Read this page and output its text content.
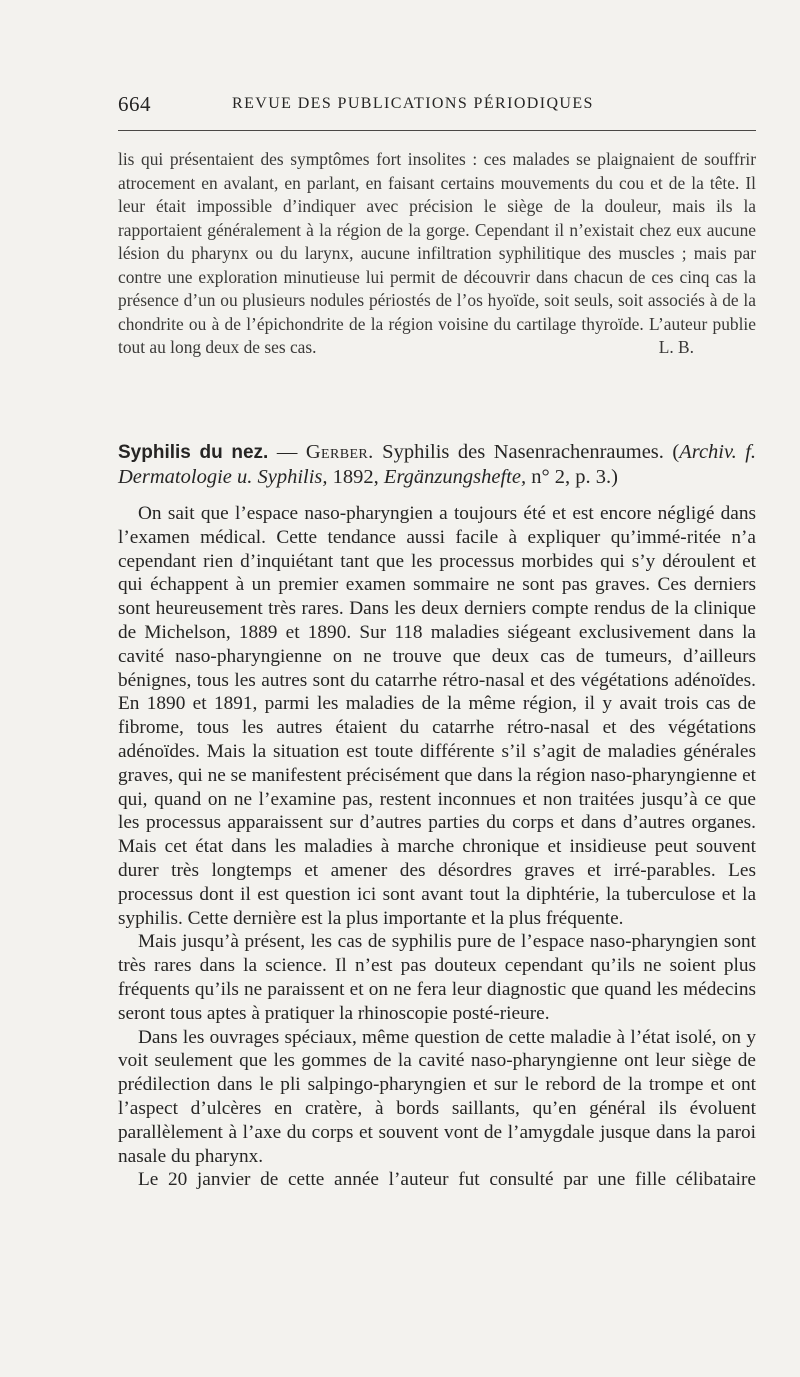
664	REVUE DES PUBLICATIONS PÉRIODIQUES

lis qui présentaient des symptômes fort insolites : ces malades se plaignaient de souffrir atrocement en avalant, en parlant, en faisant certains mouvements du cou et de la tête. Il leur était impossible d’indiquer avec précision le siège de la douleur, mais ils la rapportaient généralement à la région de la gorge. Cependant il n’existait chez eux aucune lésion du pharynx ou du larynx, aucune infiltration syphilitique des muscles ; mais par contre une exploration minutieuse lui permit de découvrir dans chacun de ces cinq cas la présence d’un ou plusieurs nodules périostés de l’os hyoïde, soit seuls, soit associés à de la chondrite ou à de l’épichondrite de la région voisine du cartilage thyroïde. L’auteur publie tout au long deux de ses cas.	L. B.

Syphilis du nez. — Gerber. Syphilis des Nasenrachenraumes. (Archiv. f. Dermatologie u. Syphilis, 1892, Ergänzungshefte, n° 2, p. 3.)

On sait que l’espace naso-pharyngien a toujours été et est encore négligé dans l’examen médical. Cette tendance aussi facile à expliquer qu’immé-ritée n’a cependant rien d’inquiétant tant que les processus morbides qui s’y déroulent et qui échappent à un premier examen sommaire ne sont pas graves. Ces derniers sont heureusement très rares. Dans les deux derniers compte rendus de la clinique de Michelson, 1889 et 1890. Sur 118 maladies siégeant exclusivement dans la cavité naso-pharyngienne on ne trouve que deux cas de tumeurs, d’ailleurs bénignes, tous les autres sont du catarrhe rétro-nasal et des végétations adénoïdes. En 1890 et 1891, parmi les maladies de la même région, il y avait trois cas de fibrome, tous les autres étaient du catarrhe rétro-nasal et des végétations adénoïdes. Mais la situation est toute différente s’il s’agit de maladies générales graves, qui ne se manifestent précisément que dans la région naso-pharyngienne et qui, quand on ne l’examine pas, restent inconnues et non traitées jusqu’à ce que les processus apparaissent sur d’autres parties du corps et dans d’autres organes. Mais cet état dans les maladies à marche chronique et insidieuse peut souvent durer très longtemps et amener des désordres graves et irré-parables. Les processus dont il est question ici sont avant tout la diphtérie, la tuberculose et la syphilis. Cette dernière est la plus importante et la plus fréquente.

Mais jusqu’à présent, les cas de syphilis pure de l’espace naso-pharyngien sont très rares dans la science. Il n’est pas douteux cependant qu’ils ne soient plus fréquents qu’ils ne paraissent et on ne fera leur diagnostic que quand les médecins seront tous aptes à pratiquer la rhinoscopie posté-rieure.

Dans les ouvrages spéciaux, même question de cette maladie à l’état isolé, on y voit seulement que les gommes de la cavité naso-pharyngienne ont leur siège de prédilection dans le pli salpingo-pharyngien et sur le rebord de la trompe et ont l’aspect d’ulcères en cratère, à bords saillants, qu’en général ils évoluent parallèlement à l’axe du corps et souvent vont de l’amygdale jusque dans la paroi nasale du pharynx.

Le 20 janvier de cette année l’auteur fut consulté par une fille célibataire
